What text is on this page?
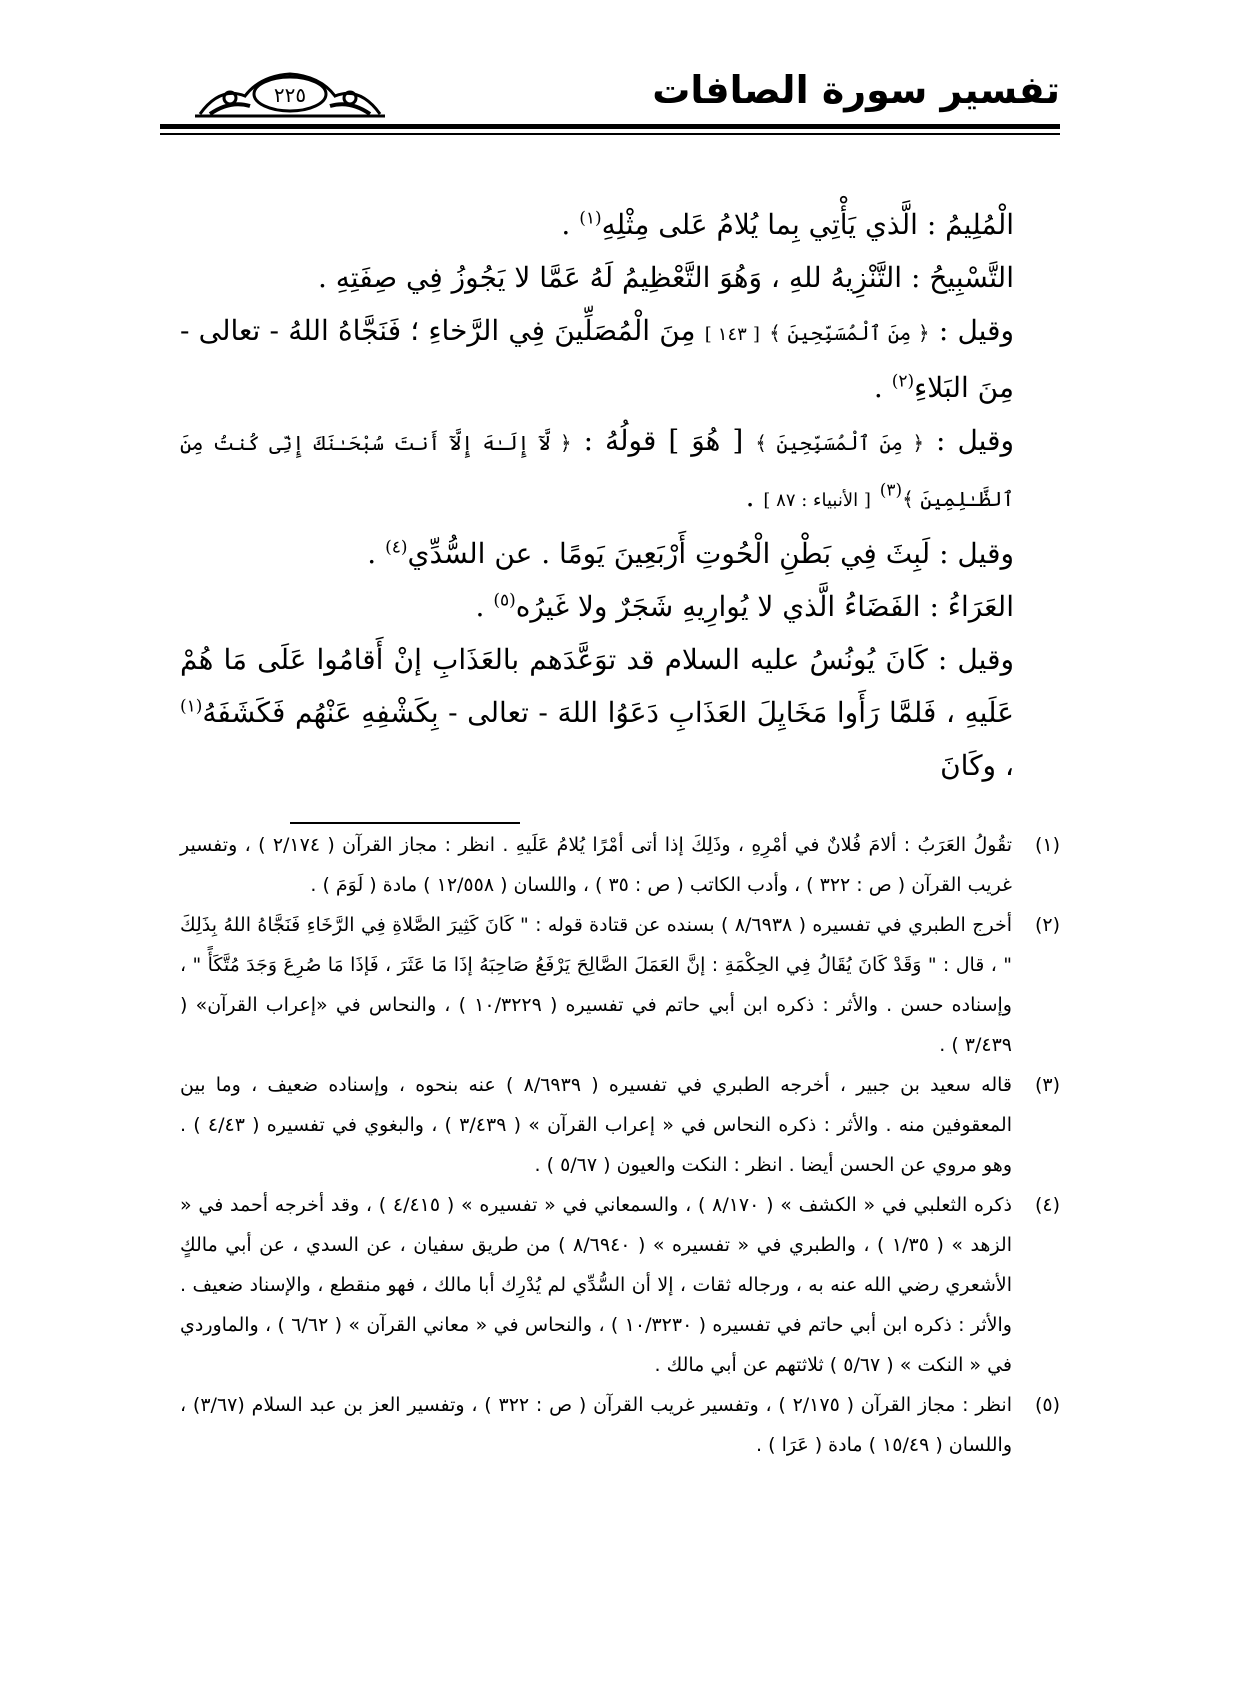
تفسير سورة الصافات
٢٢٥

الْمُلِيمُ : الَّذي يَأْتِي بِما يُلامُ عَلى مِثْلِهِ$^{(١)}$ .

التَّسْبِيحُ : التَّنْزِيهُ للهِ ، وَهُوَ التَّعْظِيمُ لَهُ عَمَّا لا يَجُوزُ فِي صِفَتِهِ .

وقيل : ﴿ مِنَ ٱلْمُسَبِّحِينَ ﴾ [ ١٤٣ ] مِنَ الْمُصَلِّينَ فِي الرَّخاءِ ؛ فَنَجَّاهُ اللهُ - تعالى - مِنَ البَلاءِ$^{(٢)}$ .

وقيل : ﴿ مِنَ ٱلْمُسَبِّحِينَ ﴾ [ هُوَ ] قولُهُ : ﴿ لَّآ إِلَـٰهَ إِلَّآ أَنتَ سُبْحَـٰنَكَ إِنِّى كُنتُ مِنَ ٱلظَّـٰلِمِينَ ﴾$^{(٣)}$ [ الأنبياء : ٨٧ ] .

وقيل : لَبِثَ فِي بَطْنِ الْحُوتِ أَرْبَعِينَ يَومًا . عن السُّدِّي$^{(٤)}$ .

العَرَاءُ : الفَضَاءُ الَّذي لا يُوارِيهِ شَجَرٌ ولا غَيرُه$^{(٥)}$ .

وقيل : كَانَ يُونُسُ عليه السلام قد توَعَّدَهم بالعَذَابِ إنْ أَقامُوا عَلَى مَا هُمْ عَلَيهِ ، فَلمَّا رَأَوا مَخَايِلَ العَذَابِ دَعَوُا اللهَ - تعالى - بِكَشْفِهِ عَنْهُم فَكَشَفَهُ$^{(١)}$ ، وكَانَ

(١)
تقُولُ العَرَبُ : ألامَ فُلانٌ في أمْرِهِ ، وذَلِكَ إذا أتى أمْرًا يُلامُ عَلَيهِ . انظر : مجاز القرآن ( ٢/١٧٤ ) ، وتفسير غريب القرآن ( ص : ٣٢٢ ) ، وأدب الكاتب ( ص : ٣٥ ) ، واللسان ( ١٢/٥٥٨ ) مادة ( لَوَمَ ) .
(٢)
أخرج الطبري في تفسيره ( ٨/٦٩٣٨ ) بسنده عن قتادة قوله : " كَانَ كَثِيرَ الصَّلاةِ فِي الرَّخَاءِ فَنَجَّاهُ اللهُ بِذَلِكَ " ، قال : " وَقَدْ كَانَ يُقَالُ فِي الحِكْمَةِ : إنَّ العَمَلَ الصَّالِحَ يَرْفَعُ صَاحِبَهُ إذَا مَا عَثَرَ ، فَإذَا مَا صُرِعَ وَجَدَ مُتَّكَأً " ، وإسناده حسن . والأثر : ذكره ابن أبي حاتم في تفسيره ( ١٠/٣٢٢٩ ) ، والنحاس في «إعراب القرآن» ( ٣/٤٣٩ ) .
(٣)
قاله سعيد بن جبير ، أخرجه الطبري في تفسيره ( ٨/٦٩٣٩ ) عنه بنحوه ، وإسناده ضعيف ، وما بين المعقوفين منه . والأثر : ذكره النحاس في « إعراب القرآن » ( ٣/٤٣٩ ) ، والبغوي في تفسيره ( ٤/٤٣ ) . وهو مروي عن الحسن أيضا . انظر : النكت والعيون ( ٥/٦٧ ) .
(٤)
ذكره الثعلبي في « الكشف » ( ٨/١٧٠ ) ، والسمعاني في « تفسيره » ( ٤/٤١٥ ) ، وقد أخرجه أحمد في « الزهد » ( ١/٣٥ ) ، والطبري في « تفسيره » ( ٨/٦٩٤٠ ) من طريق سفيان ، عن السدي ، عن أبي مالكٍ الأشعري رضي الله عنه به ، ورجاله ثقات ، إلا أن السُّدِّي لم يُدْرِك أبا مالك ، فهو منقطع ، والإسناد ضعيف . والأثر : ذكره ابن أبي حاتم في تفسيره ( ١٠/٣٢٣٠ ) ، والنحاس في « معاني القرآن » ( ٦/٦٢ ) ، والماوردي في « النكت » ( ٥/٦٧ ) ثلاثتهم عن أبي مالك .
(٥)
انظر : مجاز القرآن ( ٢/١٧٥ ) ، وتفسير غريب القرآن ( ص : ٣٢٢ ) ، وتفسير العز بن عبد السلام (٣/٦٧) ، واللسان ( ١٥/٤٩ ) مادة ( عَرَا ) .
